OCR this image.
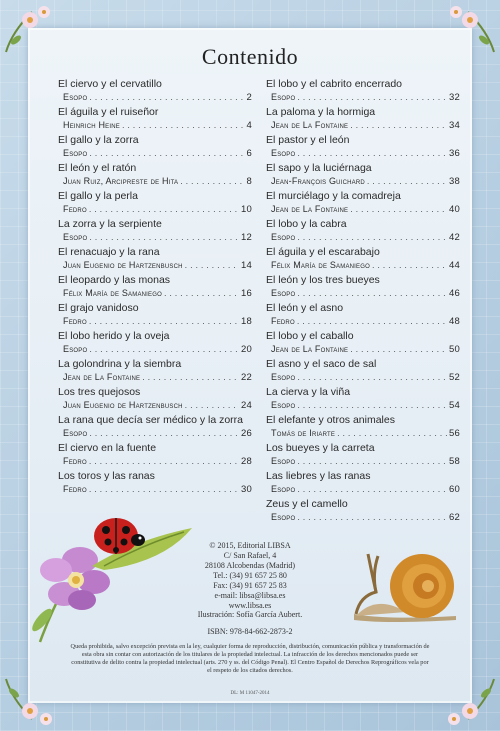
Contenido
El ciervo y el cervatillo
Esopo . . .	2
El águila y el ruiseñor
Heinrich Heine . . .	4
El gallo y la zorra
Esopo . . .	6
El león y el ratón
Juan Ruiz, Arcipreste de Hita . . .	8
El gallo y la perla
Fedro . . .	10
La zorra y la serpiente
Esopo . . .	12
El renacuajo y la rana
Juan Eugenio de Hartzenbusch . . .	14
El leopardo y las monas
Félix María de Samaniego . . .	16
El grajo vanidoso
Fedro . . .	18
El lobo herido y la oveja
Esopo . . .	20
La golondrina y la siembra
Jean de La Fontaine . . .	22
Los tres quejosos
Juan Eugenio de Hartzenbusch . . .	24
La rana que decía ser médico y la zorra
Esopo . . .	26
El ciervo en la fuente
Fedro . . .	28
Los toros y las ranas
Fedro . . .	30
El lobo y el cabrito encerrado
Esopo . . .	32
La paloma y la hormiga
Jean de La Fontaine . . .	34
El pastor y el león
Esopo . . .	36
El sapo y la luciérnaga
Jean-François Guichard . . .	38
El murciélago y la comadreja
Jean de La Fontaine . . .	40
El lobo y la cabra
Esopo . . .	42
El águila y el escarabajo
Félix María de Samaniego . . .	44
El león y los tres bueyes
Esopo . . .	46
El león y el asno
Fedro . . .	48
El lobo y el caballo
Jean de La Fontaine . . .	50
El asno y el saco de sal
Esopo . . .	52
La cierva y la viña
Esopo . . .	54
El elefante y otros animales
Tomás de Iriarte . . .	56
Los bueyes y la carreta
Esopo . . .	58
Las liebres y las ranas
Esopo . . .	60
Zeus y el camello
Esopo . . .	62
© 2015, Editorial LIBSA
C/ San Rafael, 4
28108 Alcobendas (Madrid)
Tel.: (34) 91 657 25 80
Fax: (34) 91 657 25 83
e-mail: libsa@libsa.es
www.libsa.es
Ilustración: Sofía García Aubert.
ISBN: 978-84-662-2873-2
Queda prohibida, salvo excepción prevista en la ley, cualquier forma de reproducción, distribución, comunicación pública y transformación de esta obra sin contar con autorización de los titulares de la propiedad intelectual. La infracción de los derechos mencionados puede ser constitutiva de delito contra la propiedad intelectual (arts. 270 y ss. del Código Penal). El Centro Español de Derechos Reprográficos vela por el respeto de los citados derechos.
DL: M 11047-2014
